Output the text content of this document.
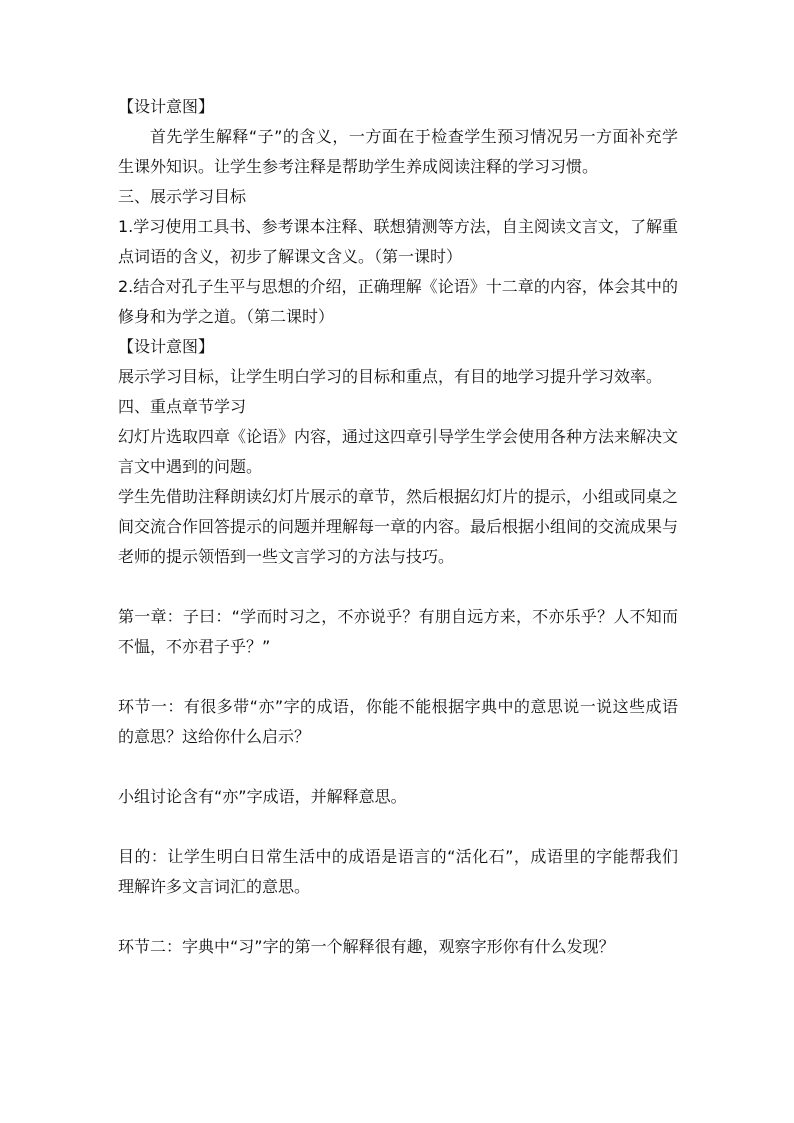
【设计意图】

首先学生解释“子”的含义，一方面在于检查学生预习情况另一方面补充学生课外知识。让学生参考注释是帮助学生养成阅读注释的学习习惯。

三、展示学习目标

1.学习使用工具书、参考课本注释、联想猜测等方法，自主阅读文言文，了解重点词语的含义，初步了解课文含义。（第一课时）

2.结合对孔子生平与思想的介绍，正确理解《论语》十二章的内容，体会其中的修身和为学之道。（第二课时）

【设计意图】

展示学习目标，让学生明白学习的目标和重点，有目的地学习提升学习效率。

四、重点章节学习

幻灯片选取四章《论语》内容，通过这四章引导学生学会使用各种方法来解决文言文中遇到的问题。

学生先借助注释朗读幻灯片展示的章节，然后根据幻灯片的提示，小组或同桌之间交流合作回答提示的问题并理解每一章的内容。最后根据小组间的交流成果与老师的提示领悟到一些文言学习的方法与技巧。

第一章：子曰：“学而时习之，不亦说乎？有朋自远方来，不亦乐乎？人不知而不愠，不亦君子乎？”

环节一：有很多带“亦”字的成语，你能不能根据字典中的意思说一说这些成语的意思？这给你什么启示？

小组讨论含有“亦”字成语，并解释意思。

目的：让学生明白日常生活中的成语是语言的“活化石”，成语里的字能帮我们理解许多文言词汇的意思。

环节二：字典中“习”字的第一个解释很有趣，观察字形你有什么发现？
